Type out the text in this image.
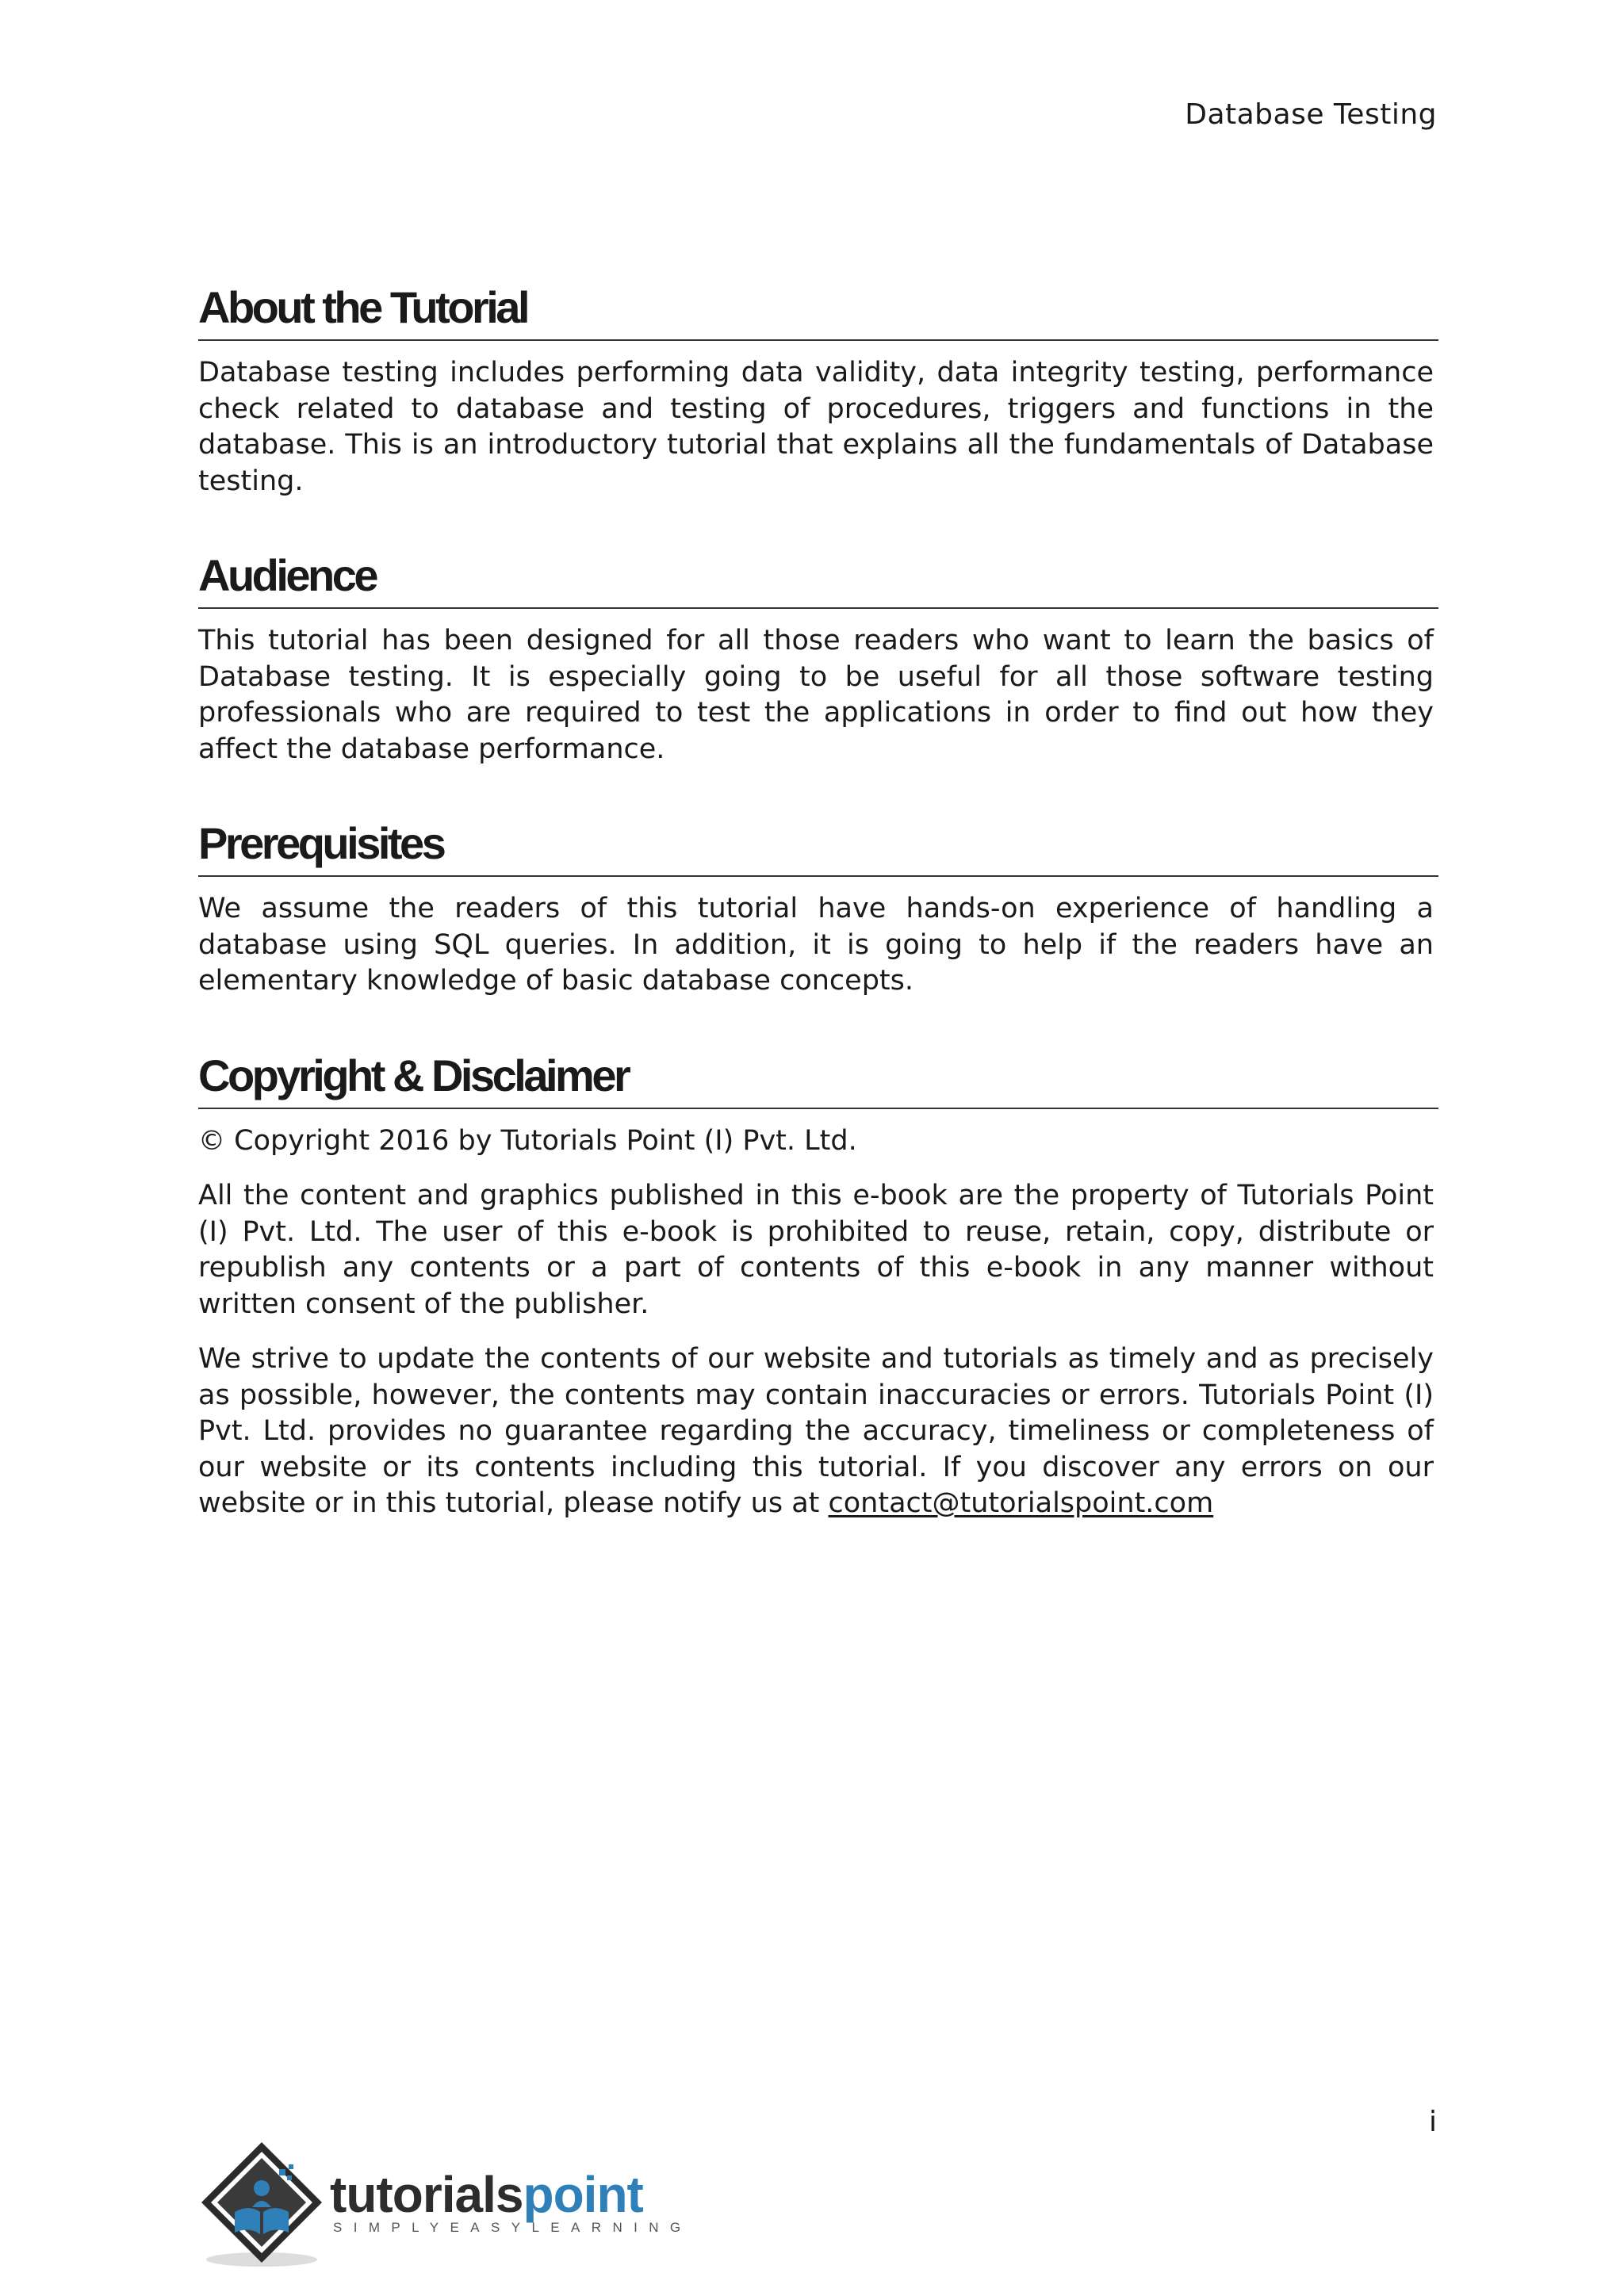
Database Testing
About the Tutorial

Database testing includes performing data validity, data integrity testing, performance check related to database and testing of procedures, triggers and functions in the database. This is an introductory tutorial that explains all the fundamentals of Database testing.

Audience

This tutorial has been designed for all those readers who want to learn the basics of Database testing. It is especially going to be useful for all those software testing professionals who are required to test the applications in order to find out how they affect the database performance.

Prerequisites

We assume the readers of this tutorial have hands-on experience of handling a database using SQL queries. In addition, it is going to help if the readers have an elementary knowledge of basic database concepts.

Copyright & Disclaimer

© Copyright 2016 by Tutorials Point (I) Pvt. Ltd.

All the content and graphics published in this e-book are the property of Tutorials Point (I) Pvt. Ltd. The user of this e-book is prohibited to reuse, retain, copy, distribute or republish any contents or a part of contents of this e-book in any manner without written consent of the publisher.

We strive to update the contents of our website and tutorials as timely and as precisely as possible, however, the contents may contain inaccuracies or errors. Tutorials Point (I) Pvt. Ltd. provides no guarantee regarding the accuracy, timeliness or completeness of our website or its contents including this tutorial. If you discover any errors on our website or in this tutorial, please notify us at contact@tutorialspoint.com

i
tutorialspoint
SIMPLYEASYLEARNING
